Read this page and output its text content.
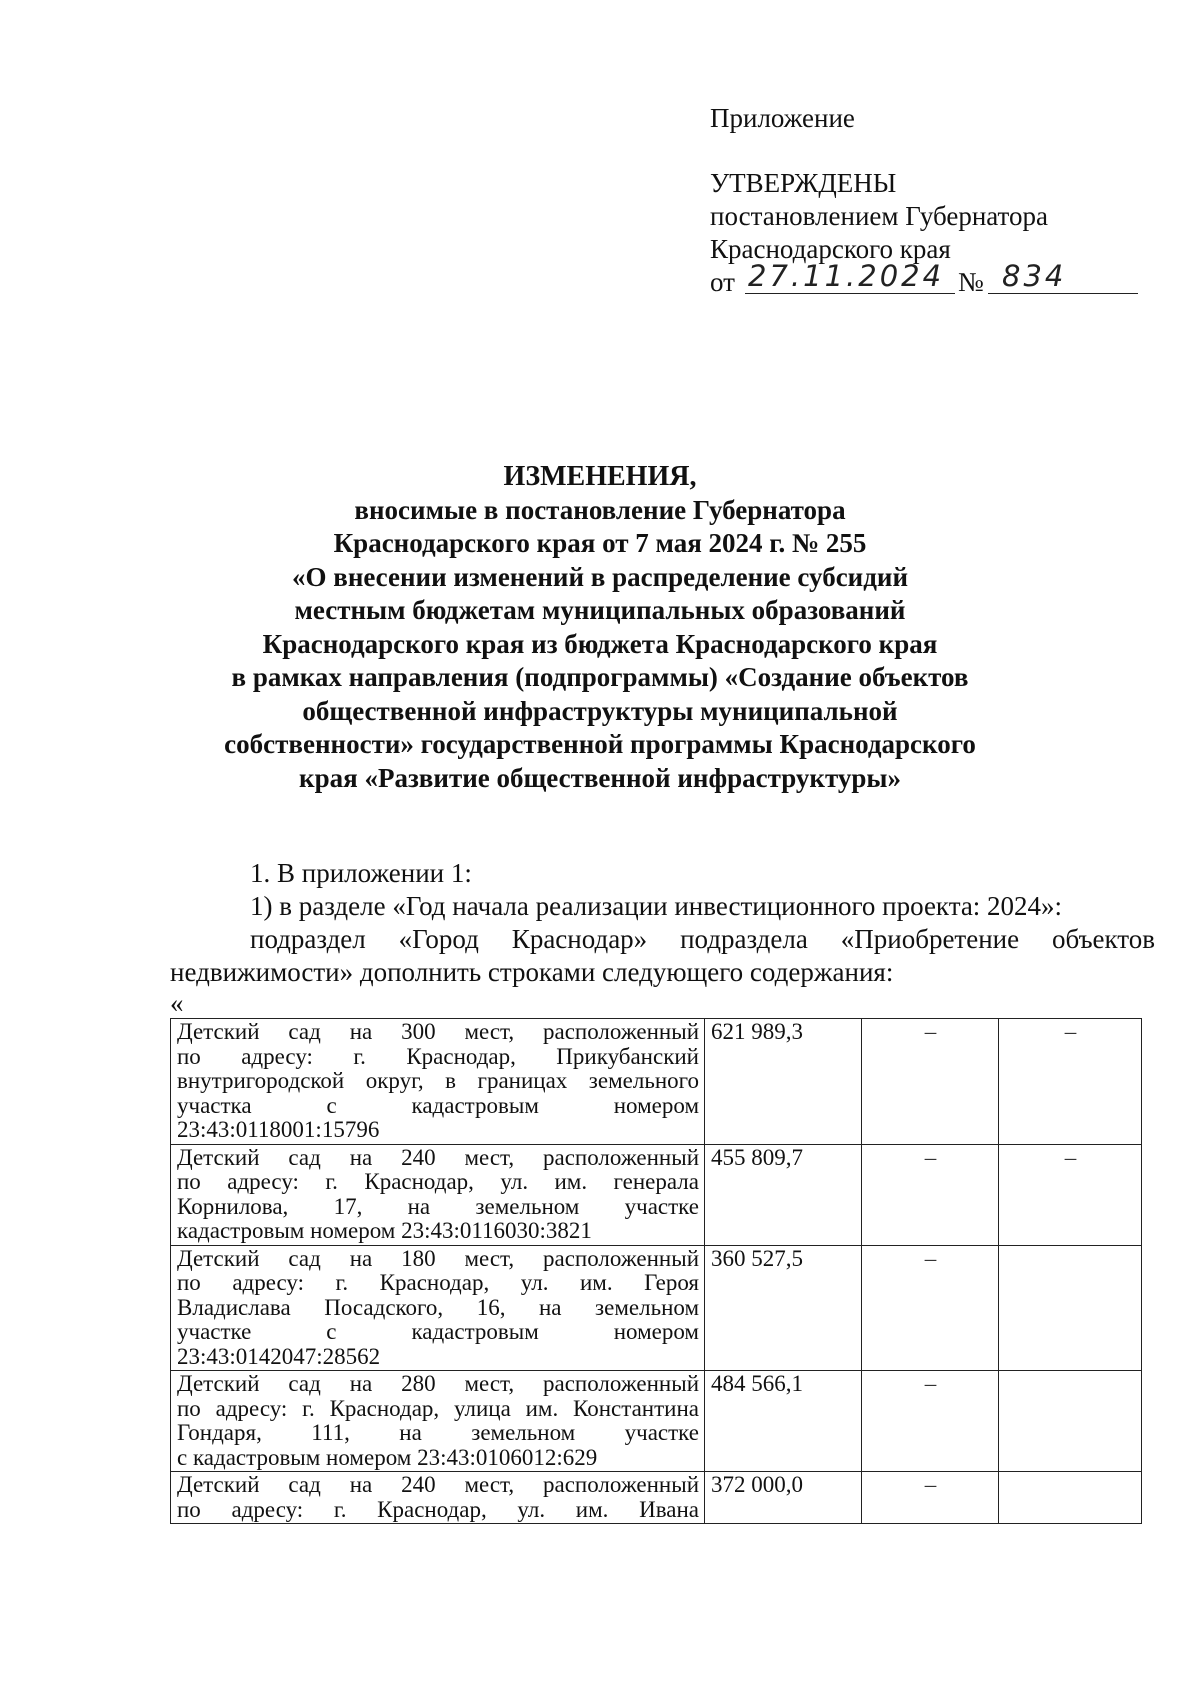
Приложение
УТВЕРЖДЕНЫ
постановлением Губернатора
Краснодарского края
от 27.11.2024 № 834
ИЗМЕНЕНИЯ,
вносимые в постановление Губернатора
Краснодарского края от 7 мая 2024 г. № 255
«О внесении изменений в распределение субсидий
местным бюджетам муниципальных образований
Краснодарского края из бюджета Краснодарского края
в рамках направления (подпрограммы) «Создание объектов
общественной инфраструктуры муниципальной
собственности» государственной программы Краснодарского
края «Развитие общественной инфраструктуры»

1. В приложении 1:

1) в разделе «Год начала реализации инвестиционного проекта: 2024»:

подраздел «Город Краснодар» подраздела «Приобретение объектов недвижимости» дополнить строками следующего содержания:

«
Детский сад на 300 мест, расположенный
по адресу: г. Краснодар, Прикубанский
внутригородской округ, в границах земельного
участка с кадастровым номером
23:43:0118001:15796	621 989,3	–	–

Детский сад на 240 мест, расположенный
по адресу: г. Краснодар, ул. им. генерала
Корнилова, 17, на земельном участке
кадастровым номером 23:43:0116030:3821	455 809,7	–	–

Детский сад на 180 мест, расположенный
по адресу: г. Краснодар, ул. им. Героя
Владислава Посадского, 16, на земельном
участке с кадастровым номером
23:43:0142047:28562	360 527,5	–	

Детский сад на 280 мест, расположенный
по адресу: г. Краснодар, улица им. Константина
Гондаря, 111, на земельном участке
с кадастровым номером 23:43:0106012:629	484 566,1	–	

Детский сад на 240 мест, расположенный
по адресу: г. Краснодар, ул. им. Ивана	372 000,0	–	
